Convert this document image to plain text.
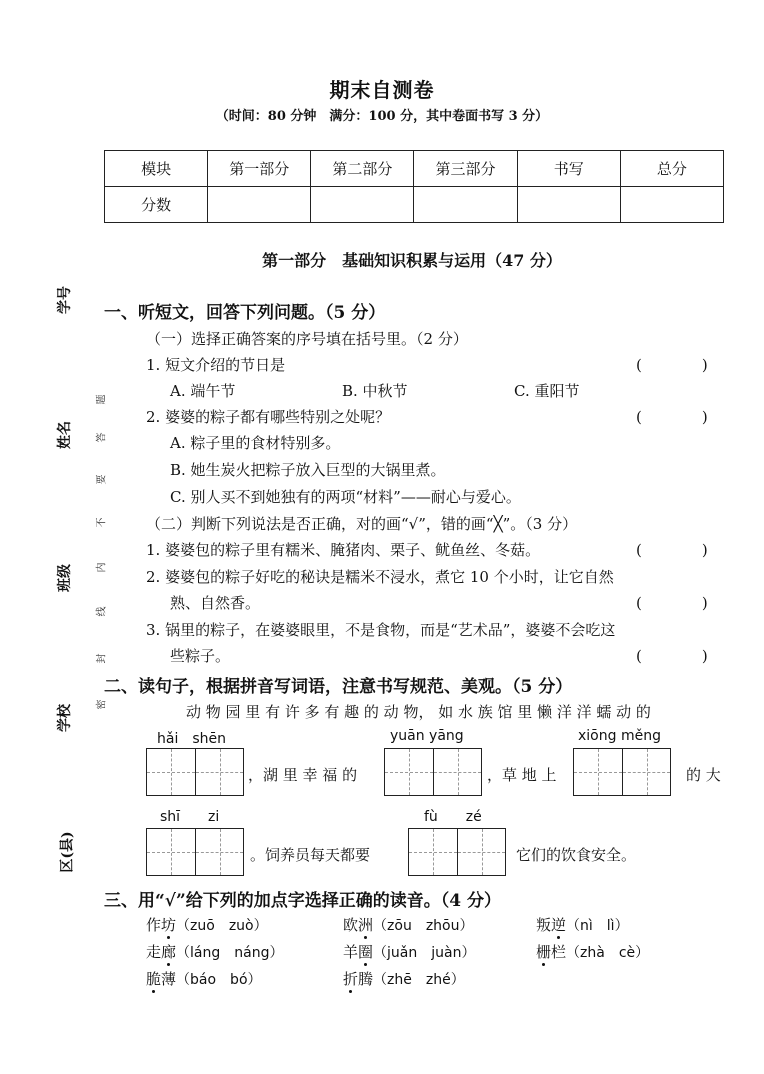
期末自测卷
（时间：80 分钟　满分：100 分，其中卷面书写 3 分）
模块	第一部分	第二部分	第三部分	书写	总分
分数					
学号
姓名
班级
学校
区(县)
题
答
要
不
内
线
封
密
第一部分　基础知识积累与运用（47 分）
一、听短文，回答下列问题。（5 分）
（一）选择正确答案的序号填在括号里。（2 分）
1. 短文介绍的节日是	(　　　　)
A. 端午节	B. 中秋节	C. 重阳节
2. 婆婆的粽子都有哪些特别之处呢？	(　　　　)
A. 粽子里的食材特别多。
B. 她生炭火把粽子放入巨型的大锅里煮。
C. 别人买不到她独有的两项“材料”——耐心与爱心。
（二）判断下列说法是否正确，对的画“√”，错的画“╳”。（3 分）
1. 婆婆包的粽子里有糯米、腌猪肉、栗子、鱿鱼丝、冬菇。	(　　　　)
2. 婆婆包的粽子好吃的秘诀是糯米不浸水，煮它 10 个小时，让它自然
熟、自然香。	(　　　　)
3. 锅里的粽子，在婆婆眼里，不是食物，而是“艺术品”，婆婆不会吃这
些粽子。	(　　　　)
二、读句子，根据拼音写词语，注意书写规范、美观。（5 分）
动 物 园 里 有 许 多 有 趣 的 动 物， 如 水 族 馆 里 懒 洋 洋 蠕 动 的
hǎi　shēn
，湖 里 幸 福 的
yuān yāng
，草 地 上
xiōng měng
的 大
shī　　zi
。饲养员每天都要
fù　　zé
它们的饮食安全。
三、用“√”给下列的加点字选择正确的读音。（4 分）
作坊（zuō　zuò）	欧洲（zōu　zhōu）	叛逆（nì　lì）
走廊（láng　náng）	羊圈（juǎn　juàn）	栅栏（zhà　cè）
脆薄（báo　bó）	折腾（zhē　zhé）
